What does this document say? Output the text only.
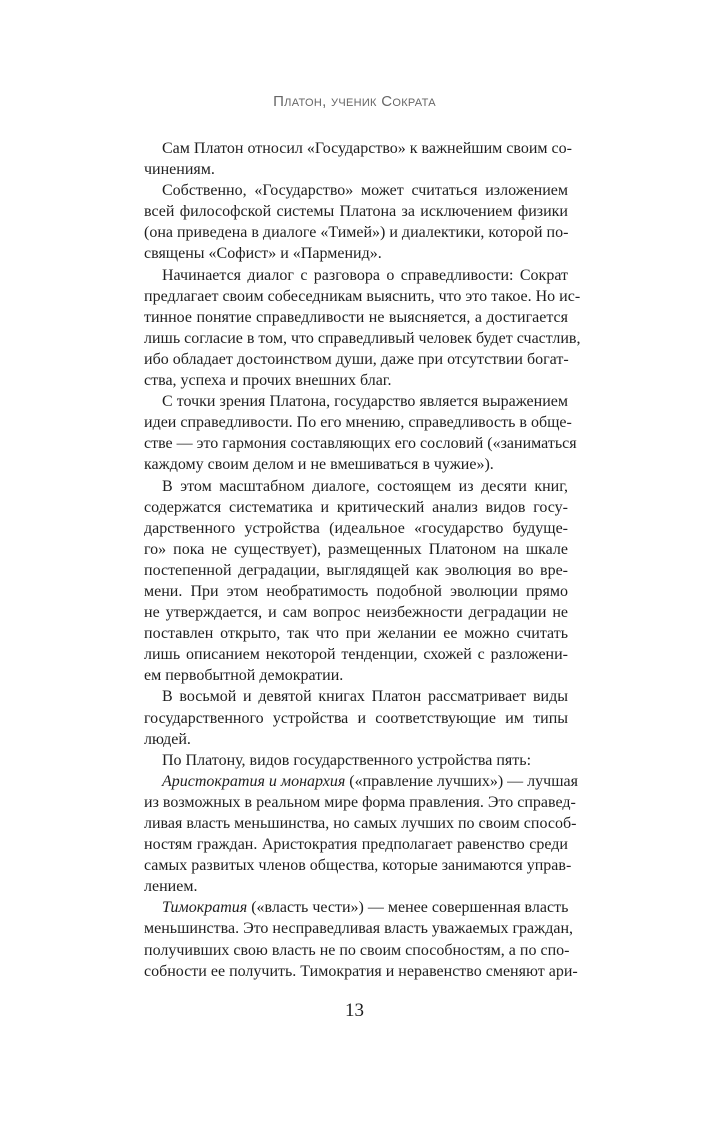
Платон, ученик Сократа
Сам Платон относил «Государство» к важнейшим своим со-
чинениям.
Собственно, «Государство» может считаться изложением
всей философской системы Платона за исключением физики
(она приведена в диалоге «Тимей») и диалектики, которой по-
священы «Софист» и «Парменид».
Начинается диалог с разговора о справедливости: Сократ
предлагает своим собеседникам выяснить, что это такое. Но ис-
тинное понятие справедливости не выясняется, а достигается
лишь согласие в том, что справедливый человек будет счастлив,
ибо обладает достоинством души, даже при отсутствии богат-
ства, успеха и прочих внешних благ.
С точки зрения Платона, государство является выражением
идеи справедливости. По его мнению, справедливость в обще-
стве — это гармония составляющих его сословий («заниматься
каждому своим делом и не вмешиваться в чужие»).
В этом масштабном диалоге, состоящем из десяти книг,
содержатся систематика и критический анализ видов госу-
дарственного устройства (идеальное «государство будуще-
го» пока не существует), размещенных Платоном на шкале
постепенной деградации, выглядящей как эволюция во вре-
мени. При этом необратимость подобной эволюции прямо
не утверждается, и сам вопрос неизбежности деградации не
поставлен открыто, так что при желании ее можно считать
лишь описанием некоторой тенденции, схожей с разложени-
ем первобытной демократии.
В восьмой и девятой книгах Платон рассматривает виды
государственного устройства и соответствующие им типы
людей.
По Платону, видов государственного устройства пять:
Аристократия и монархия («правление лучших») — лучшая
из возможных в реальном мире форма правления. Это справед-
ливая власть меньшинства, но самых лучших по своим способ-
ностям граждан. Аристократия предполагает равенство среди
самых развитых членов общества, которые занимаются управ-
лением.
Тимократия («власть чести») — менее совершенная власть
меньшинства. Это несправедливая власть уважаемых граждан,
получивших свою власть не по своим способностям, а по спо-
собности ее получить. Тимократия и неравенство сменяют ари-
13
